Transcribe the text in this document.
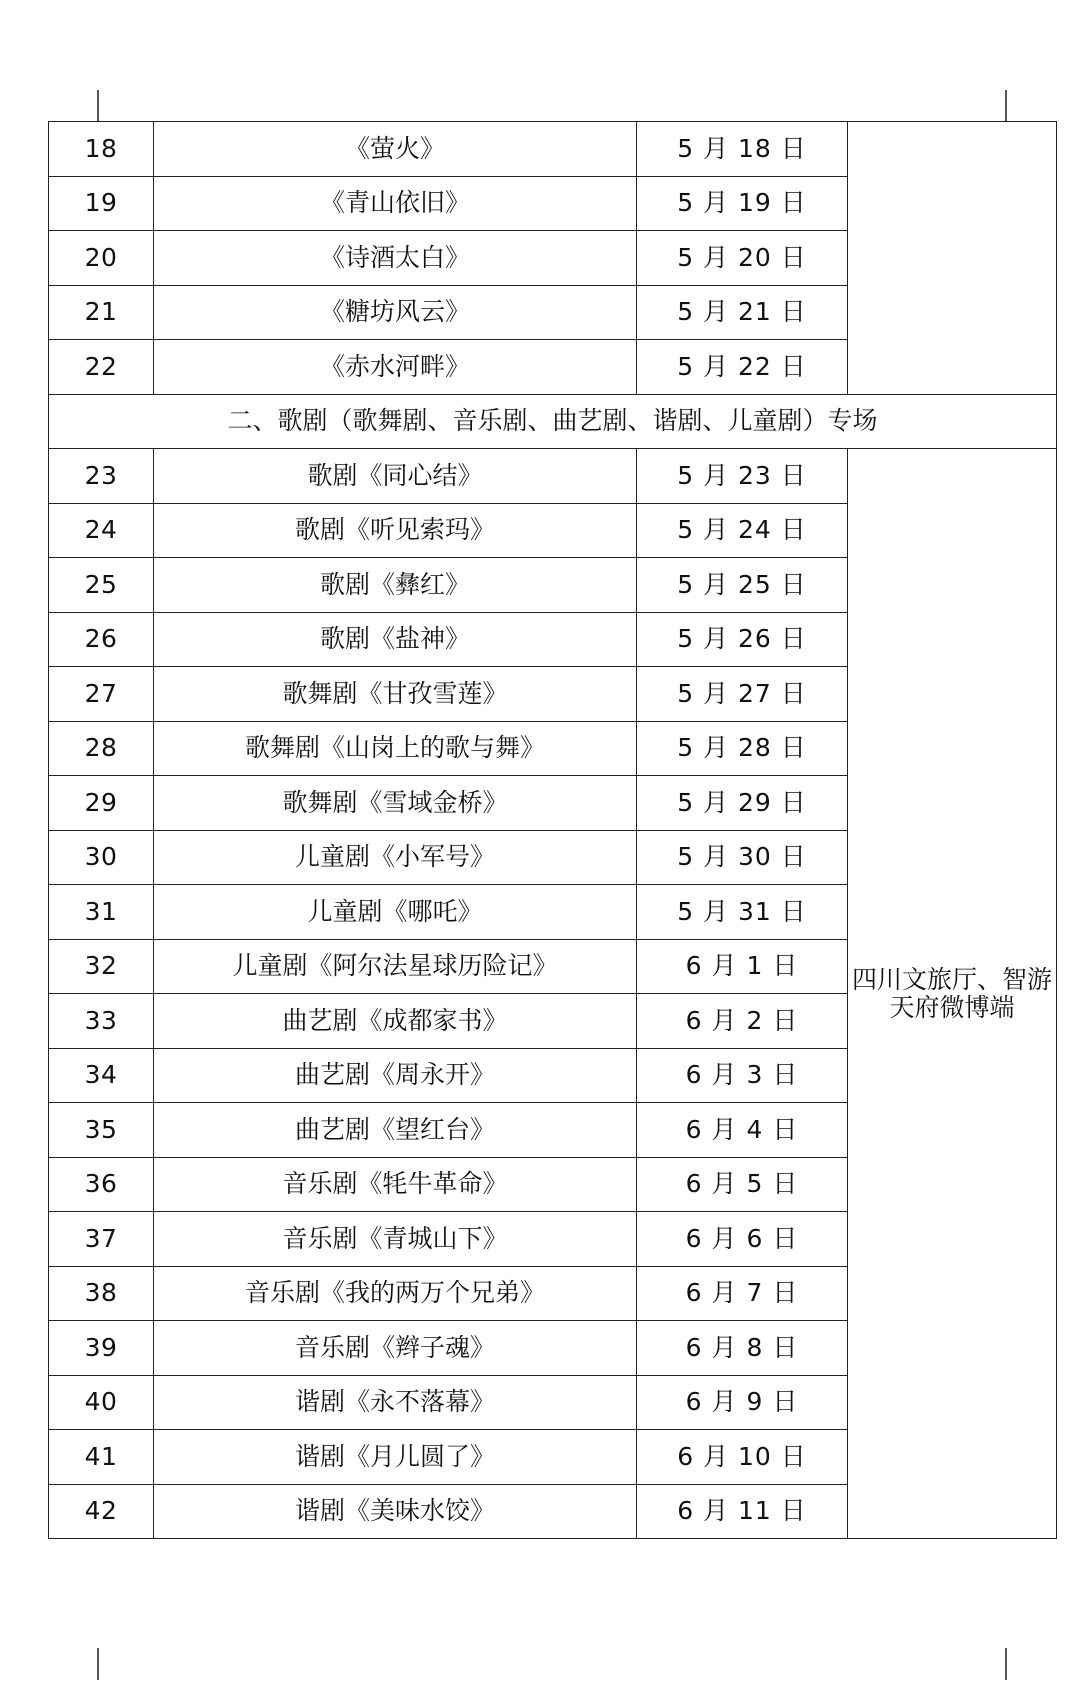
18	《萤火》	5 月 18 日	
19	《青山依旧》	5 月 19 日	
20	《诗酒太白》	5 月 20 日	
21	《糖坊风云》	5 月 21 日	
22	《赤水河畔》	5 月 22 日	
二、歌剧（歌舞剧、音乐剧、曲艺剧、谐剧、儿童剧）专场			
23	歌剧《同心结》	5 月 23 日	四川文旅厅、智游天府微博端
24	歌剧《听见索玛》	5 月 24 日	
25	歌剧《彝红》	5 月 25 日	
26	歌剧《盐神》	5 月 26 日	
27	歌舞剧《甘孜雪莲》	5 月 27 日	
28	歌舞剧《山岗上的歌与舞》	5 月 28 日	
29	歌舞剧《雪域金桥》	5 月 29 日	
30	儿童剧《小军号》	5 月 30 日	
31	儿童剧《哪吒》	5 月 31 日	
32	儿童剧《阿尔法星球历险记》	6 月 1 日	
33	曲艺剧《成都家书》	6 月 2 日	
34	曲艺剧《周永开》	6 月 3 日	
35	曲艺剧《望红台》	6 月 4 日	
36	音乐剧《牦牛革命》	6 月 5 日	
37	音乐剧《青城山下》	6 月 6 日	
38	音乐剧《我的两万个兄弟》	6 月 7 日	
39	音乐剧《辫子魂》	6 月 8 日	
40	谐剧《永不落幕》	6 月 9 日	
41	谐剧《月儿圆了》	6 月 10 日	
42	谐剧《美味水饺》	6 月 11 日	
